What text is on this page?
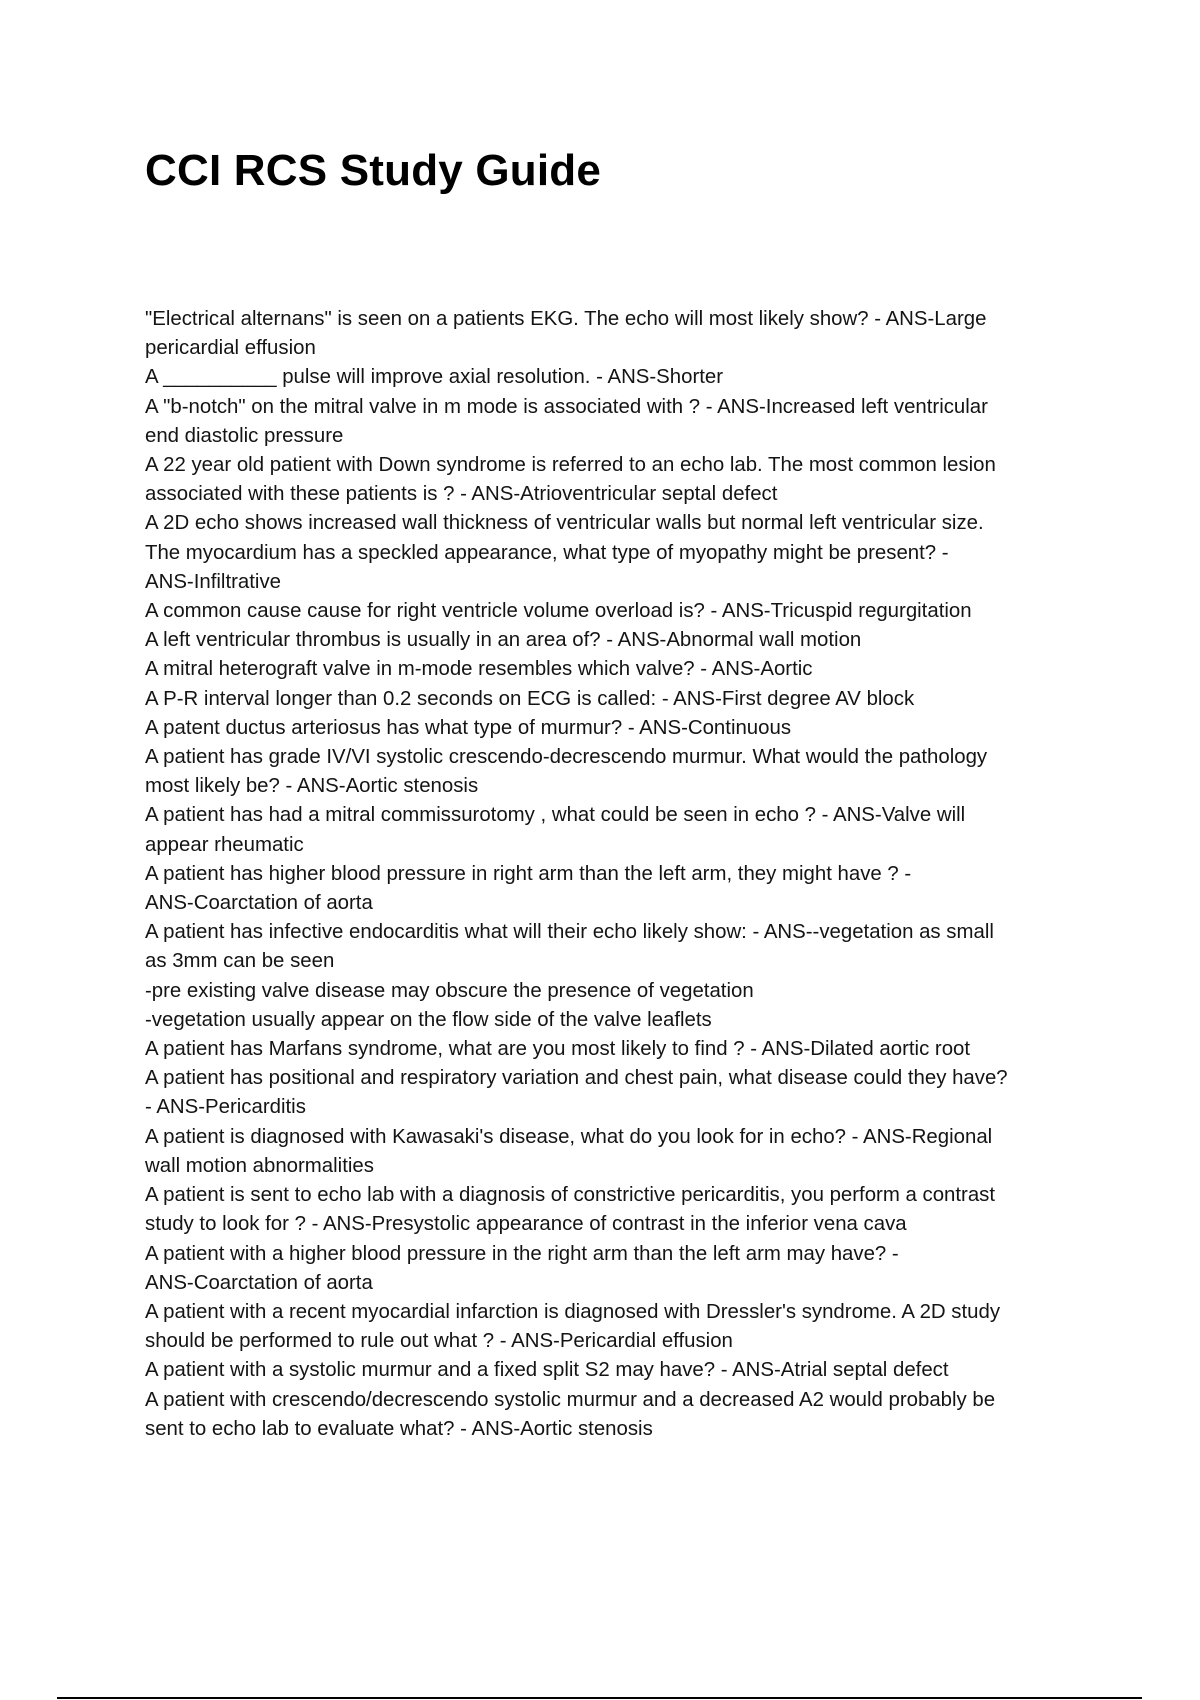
CCI RCS Study Guide
"Electrical alternans" is seen on a patients EKG. The echo will most likely show? - ANS-Large
pericardial effusion
A __________ pulse will improve axial resolution. - ANS-Shorter
A "b-notch" on the mitral valve in m mode is associated with ? - ANS-Increased left ventricular
end diastolic pressure
A 22 year old patient with Down syndrome is referred to an echo lab. The most common lesion
associated with these patients is ? - ANS-Atrioventricular septal defect
A 2D echo shows increased wall thickness of ventricular walls but normal left ventricular size.
The myocardium has a speckled appearance, what type of myopathy might be present? -
ANS-Infiltrative
A common cause cause for right ventricle volume overload is? - ANS-Tricuspid regurgitation
A left ventricular thrombus is usually in an area of? - ANS-Abnormal wall motion
A mitral heterograft valve in m-mode resembles which valve? - ANS-Aortic
A P-R interval longer than 0.2 seconds on ECG is called: - ANS-First degree AV block
A patent ductus arteriosus has what type of murmur? - ANS-Continuous
A patient has grade IV/VI systolic crescendo-decrescendo murmur. What would the pathology
most likely be? - ANS-Aortic stenosis
A patient has had a mitral commissurotomy , what could be seen in echo ? - ANS-Valve will
appear rheumatic
A patient has higher blood pressure in right arm than the left arm, they might have ? -
ANS-Coarctation of aorta
A patient has infective endocarditis what will their echo likely show: - ANS--vegetation as small
as 3mm can be seen
-pre existing valve disease may obscure the presence of vegetation
-vegetation usually appear on the flow side of the valve leaflets
A patient has Marfans syndrome, what are you most likely to find ? - ANS-Dilated aortic root
A patient has positional and respiratory variation and chest pain, what disease could they have?
- ANS-Pericarditis
A patient is diagnosed with Kawasaki's disease, what do you look for in echo? - ANS-Regional
wall motion abnormalities
A patient is sent to echo lab with a diagnosis of constrictive pericarditis, you perform a contrast
study to look for ? - ANS-Presystolic appearance of contrast in the inferior vena cava
A patient with a higher blood pressure in the right arm than the left arm may have? -
ANS-Coarctation of aorta
A patient with a recent myocardial infarction is diagnosed with Dressler's syndrome. A 2D study
should be performed to rule out what ? - ANS-Pericardial effusion
A patient with a systolic murmur and a fixed split S2 may have? - ANS-Atrial septal defect
A patient with crescendo/decrescendo systolic murmur and a decreased A2 would probably be
sent to echo lab to evaluate what? - ANS-Aortic stenosis
